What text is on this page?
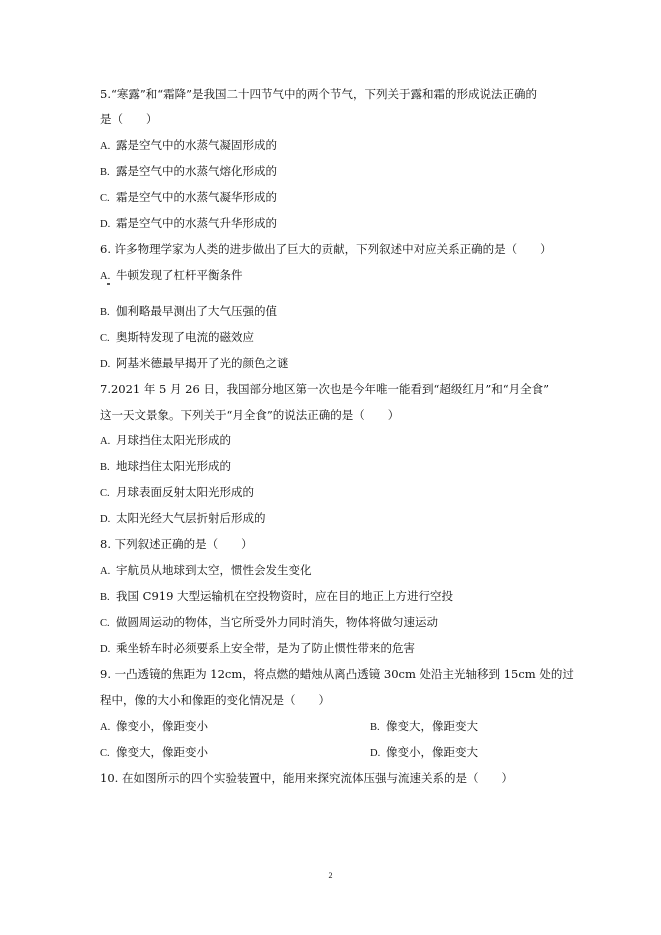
5.“寒露”和“霜降”是我国二十四节气中的两个节气，下列关于露和霜的形成说法正确的
是（　　）
A. 露是空气中的水蒸气凝固形成的
B. 露是空气中的水蒸气熔化形成的
C. 霜是空气中的水蒸气凝华形成的
D. 霜是空气中的水蒸气升华形成的
6. 许多物理学家为人类的进步做出了巨大的贡献，下列叙述中对应关系正确的是（　　）
A. 牛顿发现了杠杆平衡条件
B. 伽利略最早测出了大气压强的值
C. 奥斯特发现了电流的磁效应
D. 阿基米德最早揭开了光的颜色之谜
7.2021 年 5 月 26 日，我国部分地区第一次也是今年唯一能看到“超级红月”和“月全食”
这一天文景象。下列关于“月全食”的说法正确的是（　　）
A. 月球挡住太阳光形成的
B. 地球挡住太阳光形成的
C. 月球表面反射太阳光形成的
D. 太阳光经大气层折射后形成的
8. 下列叙述正确的是（　　）
A. 宇航员从地球到太空，惯性会发生变化
B. 我国 C919 大型运输机在空投物资时，应在目的地正上方进行空投
C. 做圆周运动的物体，当它所受外力同时消失，物体将做匀速运动
D. 乘坐轿车时必须要系上安全带，是为了防止惯性带来的危害
9. 一凸透镜的焦距为 12cm，将点燃的蜡烛从离凸透镜 30cm 处沿主光轴移到 15cm 处的过
程中，像的大小和像距的变化情况是（　　）
A. 像变小，像距变小	B. 像变大，像距变大
C. 像变大，像距变小	D. 像变小，像距变大
10. 在如图所示的四个实验装置中，能用来探究流体压强与流速关系的是（　　）
2
